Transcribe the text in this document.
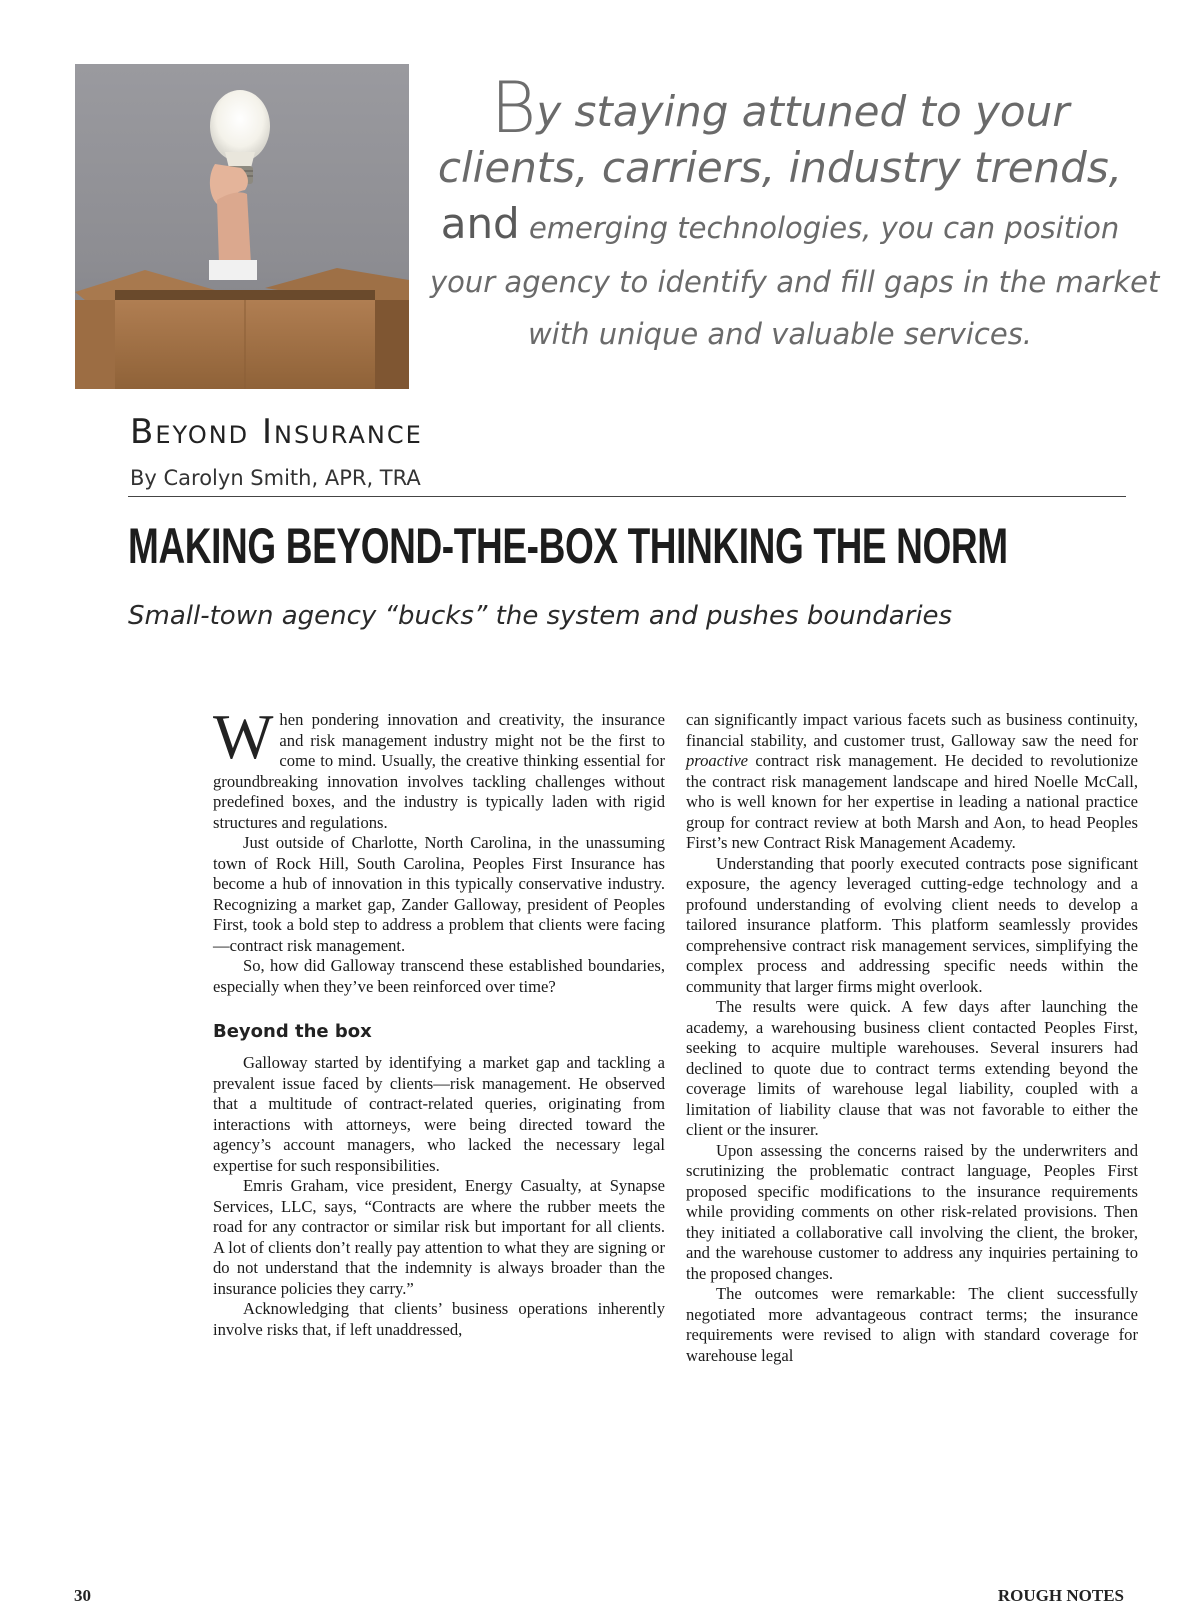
By staying attuned to your
clients, carriers, industry trends,
and emerging technologies, you can position
your agency to identify and fill gaps in the market
with unique and valuable services.
Beyond Insurance
By Carolyn Smith, APR, TRA
MAKING BEYOND-THE-BOX THINKING THE NORM
Small-town agency “bucks” the system and pushes boundaries

When pondering innovation and creativity, the insurance and risk management industry might not be the first to come to mind. Usually, the creative thinking essential for groundbreaking innovation involves tackling challenges without predefined boxes, and the industry is typically laden with rigid structures and regulations.

Just outside of Charlotte, North Carolina, in the unassuming town of Rock Hill, South Carolina, Peoples First Insurance has become a hub of innovation in this typically conservative industry. Recognizing a market gap, Zander Galloway, president of Peoples First, took a bold step to address a problem that clients were facing—contract risk management.

So, how did Galloway transcend these established boundaries, especially when they’ve been reinforced over time?

Beyond the box

Galloway started by identifying a market gap and tackling a prevalent issue faced by clients—risk management. He observed that a multitude of contract-related queries, originating from interactions with attorneys, were being directed toward the agency’s account managers, who lacked the necessary legal expertise for such responsibilities.

Emris Graham, vice president, Energy Casualty, at Synapse Services, LLC, says, “Contracts are where the rubber meets the road for any contractor or similar risk but important for all clients. A lot of clients don’t really pay attention to what they are signing or do not understand that the indemnity is always broader than the insurance policies they carry.”

Acknowledging that clients’ business operations inherently involve risks that, if left unaddressed,

can significantly impact various facets such as business continuity, financial stability, and customer trust, Galloway saw the need for proactive contract risk management. He decided to revolutionize the contract risk management landscape and hired Noelle McCall, who is well known for her expertise in leading a national practice group for contract review at both Marsh and Aon, to head Peoples First’s new Contract Risk Management Academy.

Understanding that poorly executed contracts pose significant exposure, the agency leveraged cutting-edge technology and a profound understanding of evolving client needs to develop a tailored insurance platform. This platform seamlessly provides comprehensive contract risk management services, simplifying the complex process and addressing specific needs within the community that larger firms might overlook.

The results were quick. A few days after launching the academy, a warehousing business client contacted Peoples First, seeking to acquire multiple warehouses. Several insurers had declined to quote due to contract terms extending beyond the coverage limits of warehouse legal liability, coupled with a limitation of liability clause that was not favorable to either the client or the insurer.

Upon assessing the concerns raised by the underwriters and scrutinizing the problematic contract language, Peoples First proposed specific modifications to the insurance requirements while providing comments on other risk-related provisions. Then they initiated a collaborative call involving the client, the broker, and the warehouse customer to address any inquiries pertaining to the proposed changes.

The outcomes were remarkable: The client successfully negotiated more advantageous contract terms; the insurance requirements were revised to align with standard coverage for warehouse legal

30	ROUGH NOTES
